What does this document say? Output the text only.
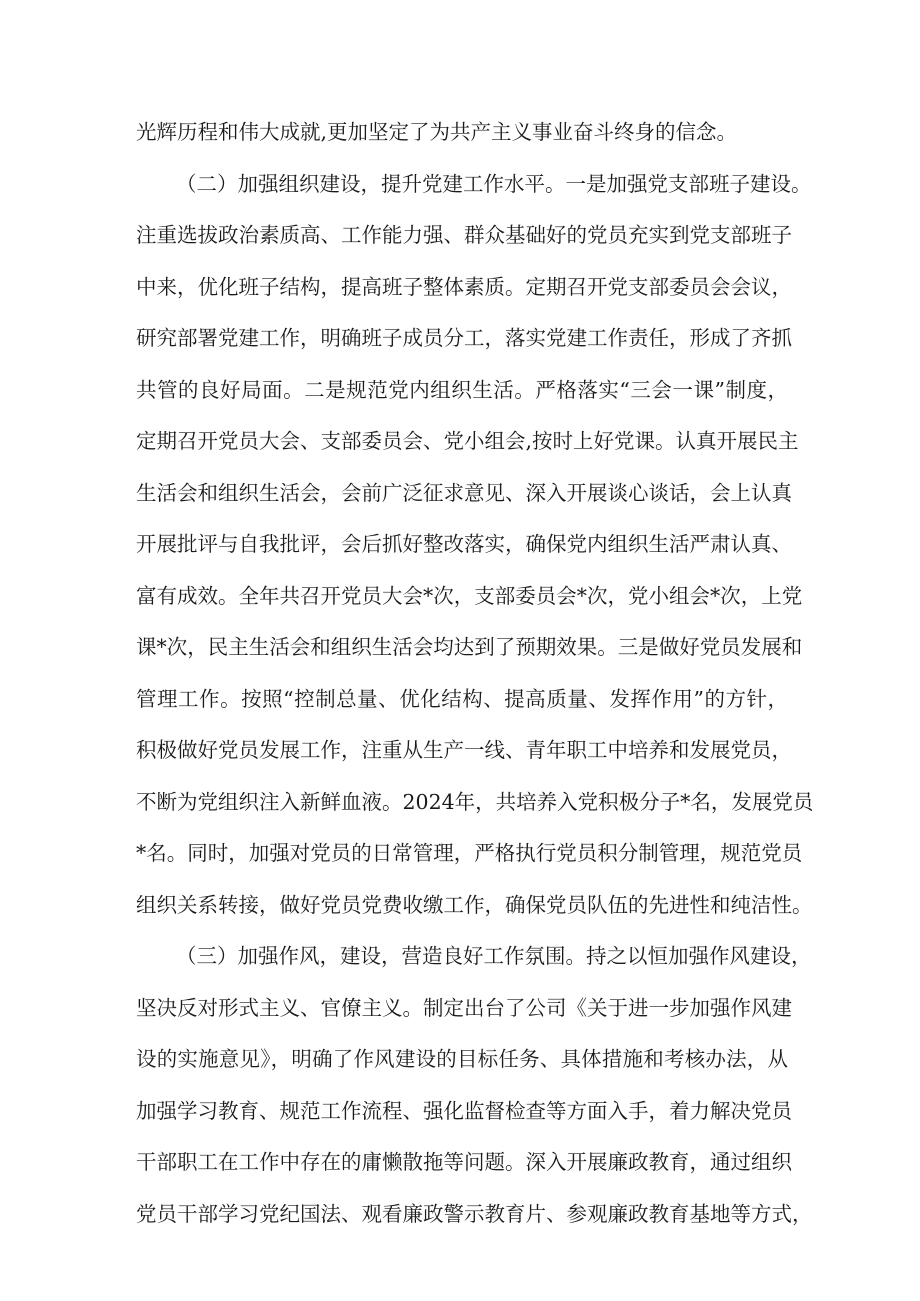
光辉历程和伟大成就,更加坚定了为共产主义事业奋斗终身的信念。

（二）加强组织建设，提升党建工作水平。一是加强党支部班子建设。

注重选拔政治素质高、工作能力强、群众基础好的党员充实到党支部班子

中来，优化班子结构，提高班子整体素质。定期召开党支部委员会会议，

研究部署党建工作，明确班子成员分工，落实党建工作责任，形成了齐抓

共管的良好局面。二是规范党内组织生活。严格落实“三会一课”制度，

定期召开党员大会、支部委员会、党小组会,按时上好党课。认真开展民主

生活会和组织生活会，会前广泛征求意见、深入开展谈心谈话，会上认真

开展批评与自我批评，会后抓好整改落实，确保党内组织生活严肃认真、

富有成效。全年共召开党员大会*次，支部委员会*次，党小组会*次，上党

课*次，民主生活会和组织生活会均达到了预期效果。三是做好党员发展和

管理工作。按照“控制总量、优化结构、提高质量、发挥作用”的方针，

积极做好党员发展工作，注重从生产一线、青年职工中培养和发展党员，

不断为党组织注入新鲜血液。2024年，共培养入党积极分子*名，发展党员

*名。同时，加强对党员的日常管理，严格执行党员积分制管理，规范党员

组织关系转接，做好党员党费收缴工作，确保党员队伍的先进性和纯洁性。

（三）加强作风，建设，营造良好工作氛围。持之以恒加强作风建设，

坚决反对形式主义、官僚主义。制定出台了公司《关于进一步加强作风建

设的实施意见》，明确了作风建设的目标任务、具体措施和考核办法，从

加强学习教育、规范工作流程、强化监督检查等方面入手，着力解决党员

干部职工在工作中存在的庸懒散拖等问题。深入开展廉政教育，通过组织

党员干部学习党纪国法、观看廉政警示教育片、参观廉政教育基地等方式，
